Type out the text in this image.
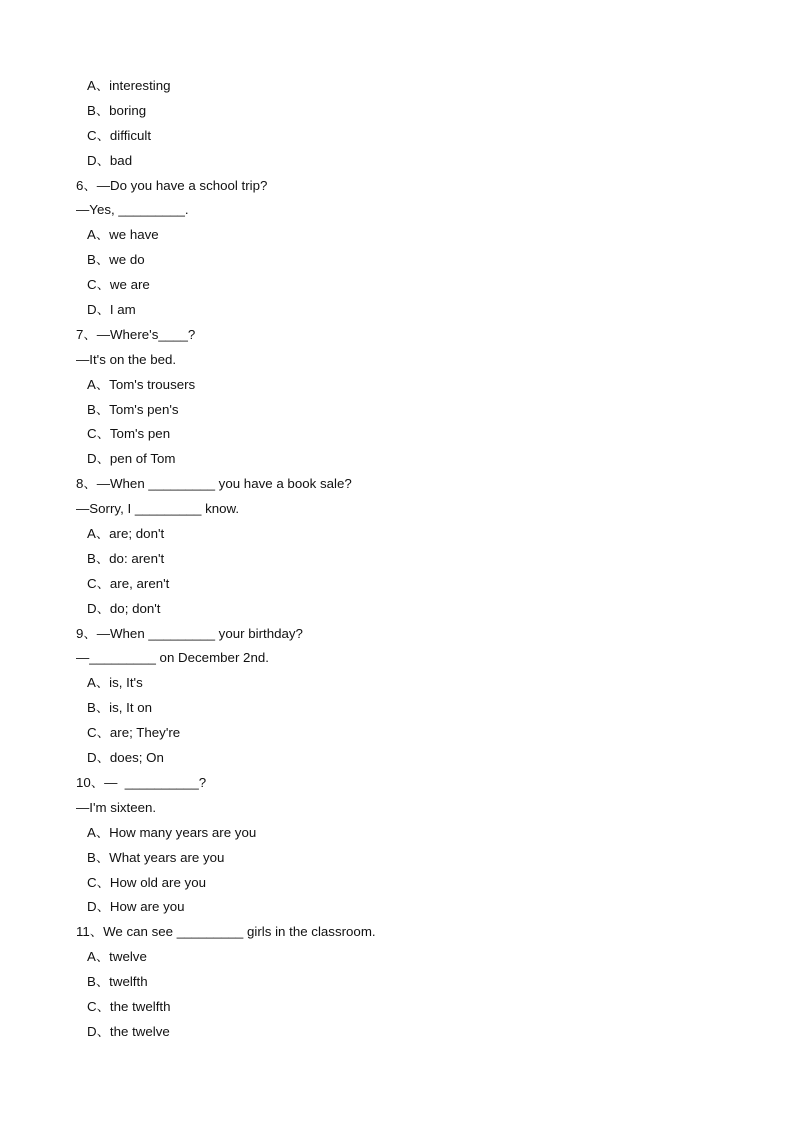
A、interesting
B、boring
C、difficult
D、bad
6、—Do you have a school trip?
—Yes, _________.
A、we have
B、we do
C、we are
D、I am
7、—Where's____?
—It's on the bed.
A、Tom's trousers
B、Tom's pen's
C、Tom's pen
D、pen of Tom
8、—When _________ you have a book sale?
—Sorry, I _________ know.
A、are; don't
B、do: aren't
C、are, aren't
D、do; don't
9、—When _________ your birthday?
—_________ on December 2nd.
A、is, It's
B、is, It on
C、are; They're
D、does; On
10、—  __________?
—I'm sixteen.
A、How many years are you
B、What years are you
C、How old are you
D、How are you
11、We can see _________ girls in the classroom.
A、twelve
B、twelfth
C、the twelfth
D、the twelve
